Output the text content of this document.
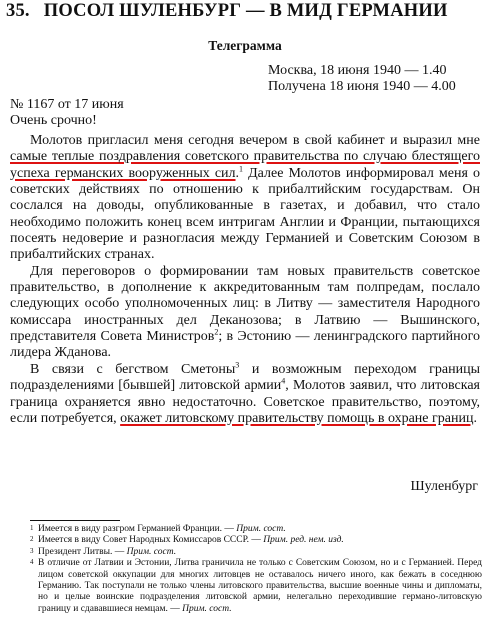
35. ПОСОЛ ШУЛЕНБУРГ — В МИД ГЕРМАНИИ
Телеграмма
Москва, 18 июня 1940 — 1.40
Получена 18 июня 1940 — 4.00
№ 1167 от 17 июня
Очень срочно!

Молотов пригласил меня сегодня вечером в свой кабинет и выразил мне самые теплые поздравления советского правительства по случаю блестящего успеха германских вооруженных сил.$^1$ Далее Молотов информировал меня о советских действиях по отношению к прибалтийским государствам. Он сослался на доводы, опубликованные в газетах, и добавил, что стало необходимо положить конец всем интригам Англии и Франции, пытающихся посеять недоверие и разногласия между Германией и Советским Союзом в прибалтийских странах.

Для переговоров о формировании там новых правительств советское правительство, в дополнение к аккредитованным там полпредам, послало следующих особо уполномоченных лиц: в Литву — заместителя Народного комиссара иностранных дел Деканозова; в Латвию — Вышинского, представителя Совета Министров$^2$; в Эстонию — ленинградского партийного лидера Жданова.

В связи с бегством Сметоны$^3$ и возможным переходом границы подразделениями [бывшей] литовской армии$^4$, Молотов заявил, что литовская граница охраняется явно недостаточно. Советское правительство, поэтому, если потребуется, окажет литовскому правительству помощь в охране границ.

Шуленбург
1 Имеется в виду разгром Германией Франции. — Прим. сост.
2 Имеется в виду Совет Народных Комиссаров СССР. — Прим. ред. нем. изд.
3 Президент Литвы. — Прим. сост.
4 В отличие от Латвии и Эстонии, Литва граничила не только с Советским Союзом, но и с Германией. Перед лицом советской оккупации для многих литовцев не оставалось ничего иного, как бежать в соседнюю Германию. Так поступали не только члены литовского правительства, высшие военные чины и дипломаты, но и целые воинские подразделения литовской армии, нелегально переходившие германо-литовскую границу и сдававшиеся немцам. — Прим. сост.
